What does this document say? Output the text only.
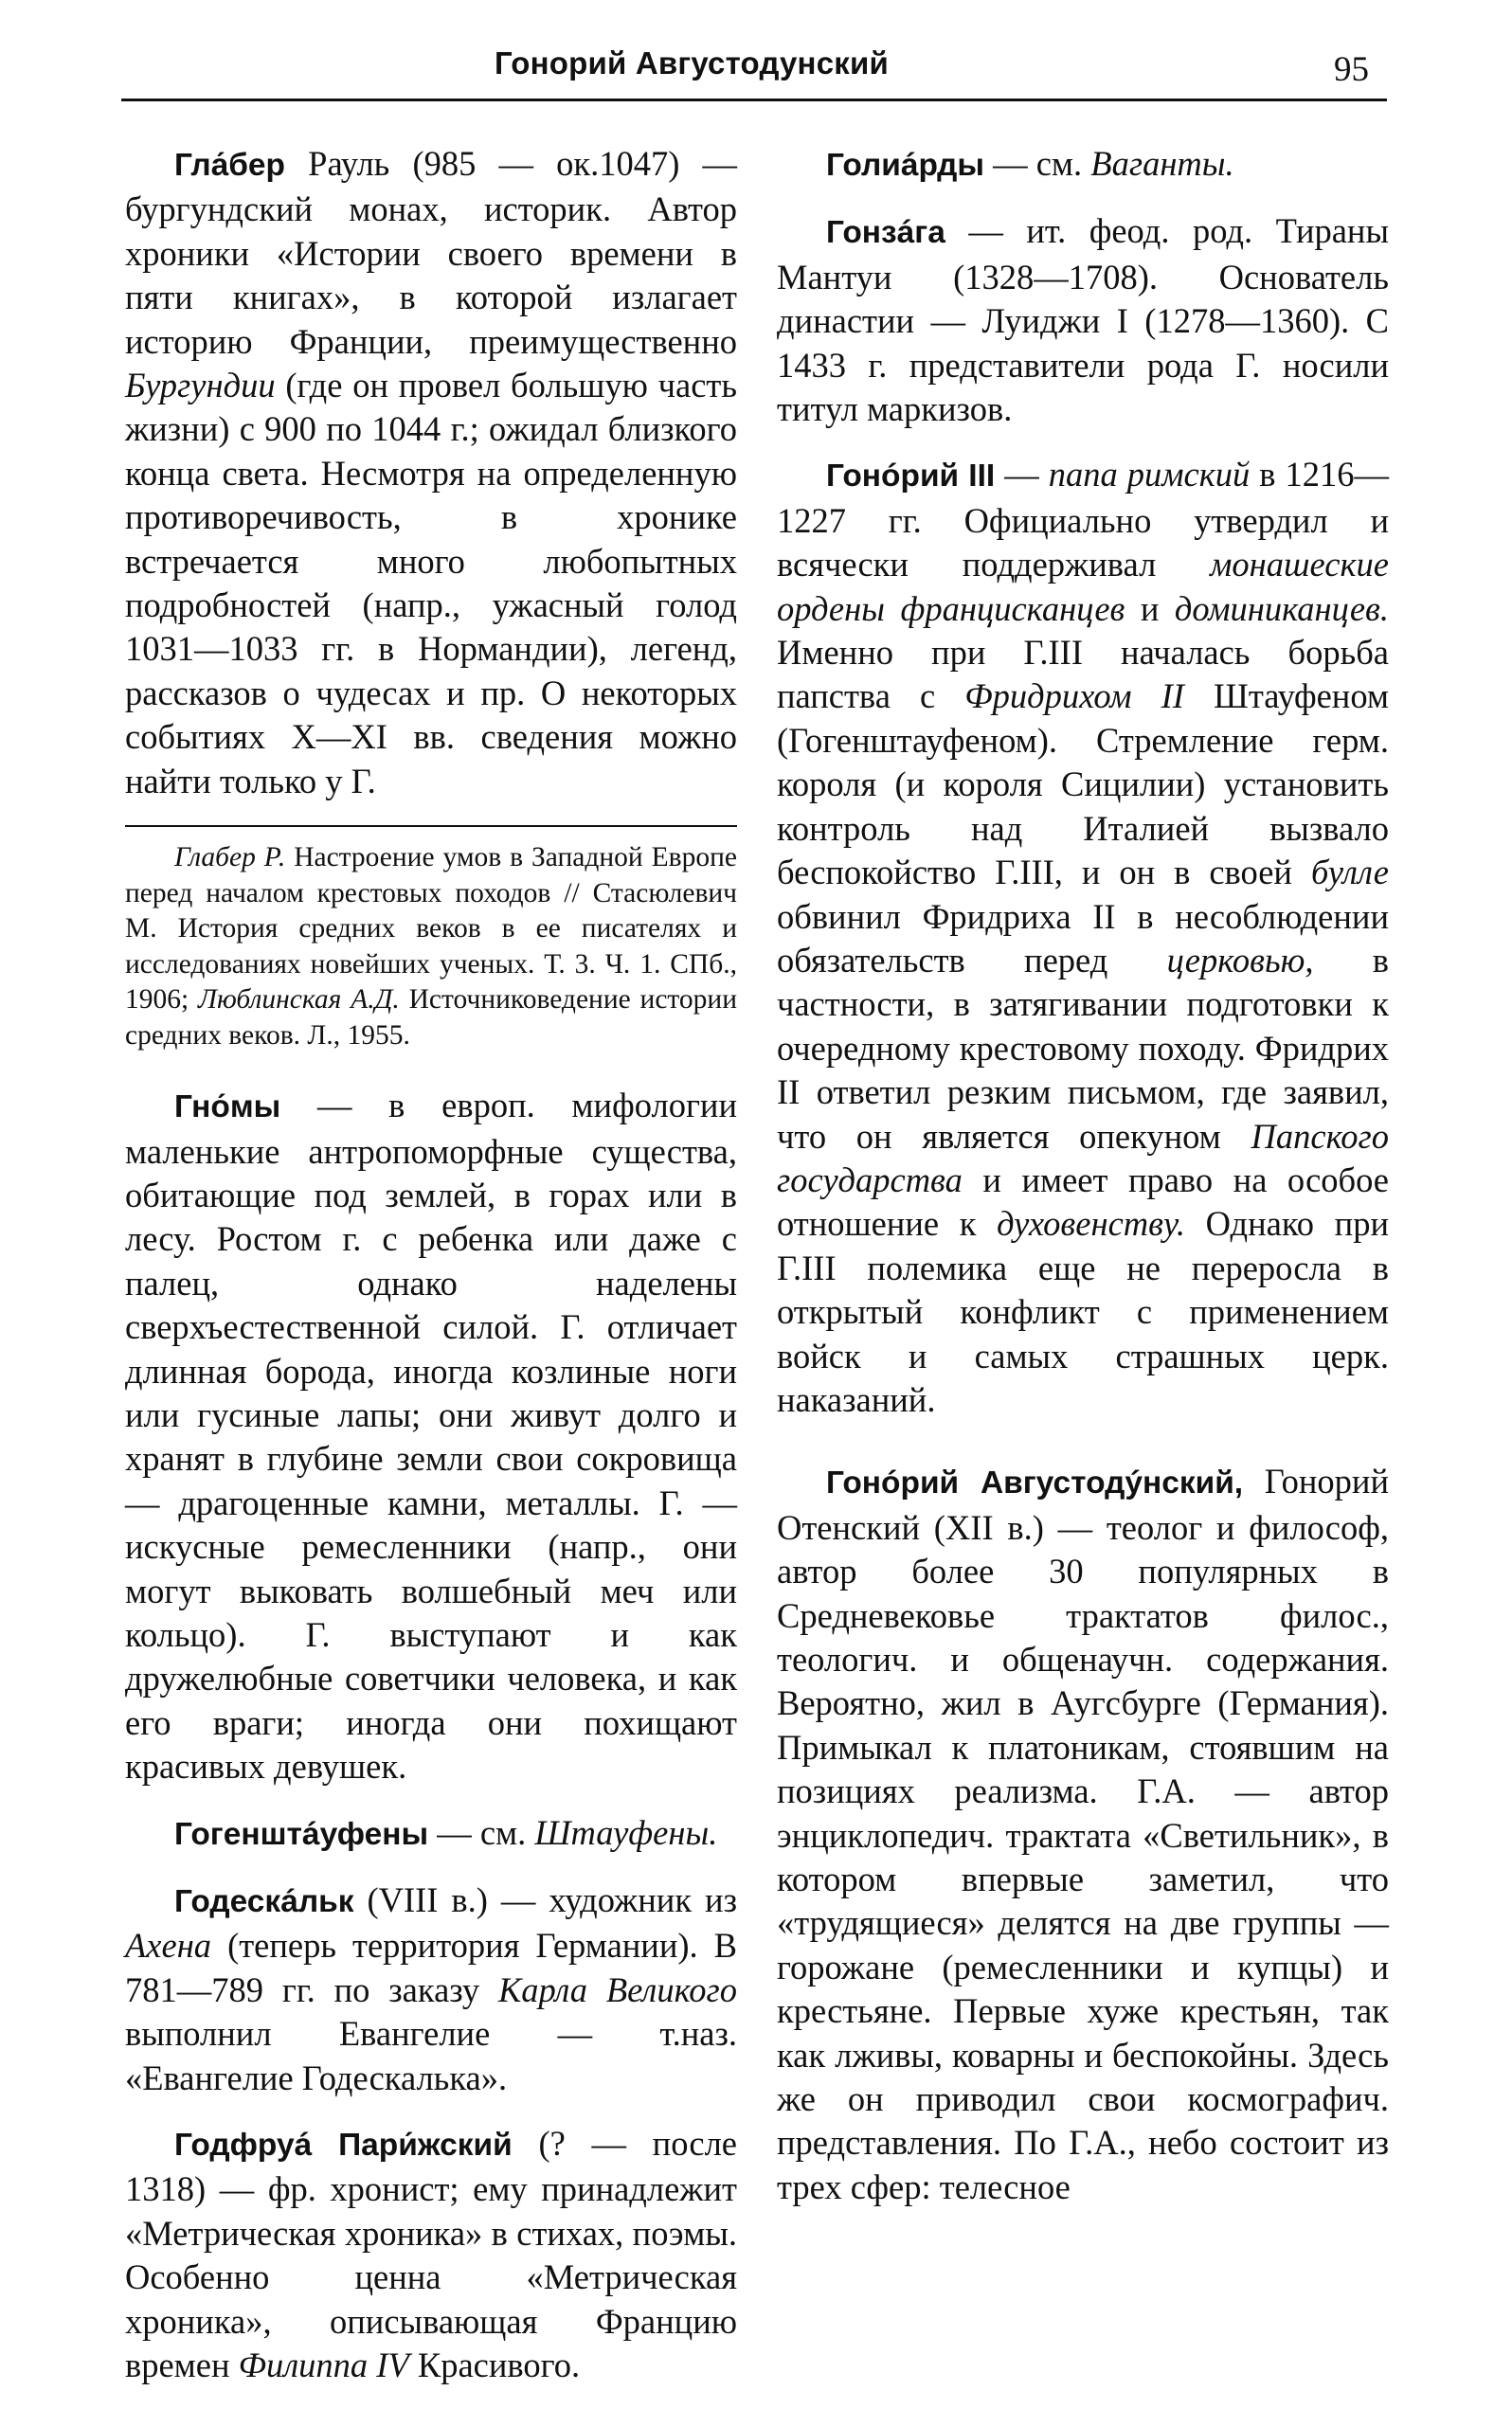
Гонорий Августодунский	95

Гла́бер Рауль (985 — ок.1047) — бургундский монах, историк. Автор хроники «Истории своего времени в пяти книгах», в которой излагает историю Франции, преимущественно Бургундии (где он провел большую часть жизни) с 900 по 1044 г.; ожидал близкого конца света. Несмотря на определенную противоречивость, в хронике встречается много любопытных подробностей (напр., ужасный голод 1031—1033 гг. в Нормандии), легенд, рассказов о чудесах и пр. О некоторых событиях X—XI вв. сведения можно найти только у Г.

Глабер Р. Настроение умов в Западной Европе перед началом крестовых походов // Стасюлевич М. История средних веков в ее писателях и исследованиях новейших ученых. Т. 3. Ч. 1. СПб., 1906; Люблинская А.Д. Источниковедение истории средних веков. Л., 1955.

Гно́мы — в европ. мифологии маленькие антропоморфные существа, обитающие под землей, в горах или в лесу. Ростом г. с ребенка или даже с палец, однако наделены сверхъестественной силой. Г. отличает длинная борода, иногда козлиные ноги или гусиные лапы; они живут долго и хранят в глубине земли свои сокровища — драгоценные камни, металлы. Г. — искусные ремесленники (напр., они могут выковать волшебный меч или кольцо). Г. выступают и как дружелюбные советчики человека, и как его враги; иногда они похищают красивых девушек.

Гогенштáуфены — см. Штауфены.

Годескáльк (VIII в.) — художник из Ахена (теперь территория Германии). В 781—789 гг. по заказу Карла Великого выполнил Евангелие — т.наз. «Евангелие Годескалька».

Годфруá Пари́жский (? — после 1318) — фр. хронист; ему принадлежит «Метрическая хроника» в стихах, поэмы. Особенно ценна «Метрическая хроника», описывающая Францию времен Филиппа IV Красивого.

Голиáрды — см. Ваганты.

Гонзáга — ит. феод. род. Тираны Мантуи (1328—1708). Основатель династии — Луиджи I (1278—1360). С 1433 г. представители рода Г. носили титул маркизов.

Гонóрий III — папа римский в 1216—1227 гг. Официально утвердил и всячески поддерживал монашеские ордены францисканцев и доминиканцев. Именно при Г.III началась борьба папства с Фридрихом II Штауфеном (Гогенштауфеном). Стремление герм. короля (и короля Сицилии) установить контроль над Италией вызвало беспокойство Г.III, и он в своей булле обвинил Фридриха II в несоблюдении обязательств перед церковью, в частности, в затягивании подготовки к очередному крестовому походу. Фридрих II ответил резким письмом, где заявил, что он является опекуном Папского государства и имеет право на особое отношение к духовенству. Однако при Г.III полемика еще не переросла в открытый конфликт с применением войск и самых страшных церк. наказаний.

Гонóрий Августодýнский, Гонорий Отенский (XII в.) — теолог и философ, автор более 30 популярных в Средневековье трактатов филос., теологич. и общенаучн. содержания. Вероятно, жил в Аугсбурге (Германия). Примыкал к платоникам, стоявшим на позициях реализма. Г.А. — автор энциклопедич. трактата «Светильник», в котором впервые заметил, что «трудящиеся» делятся на две группы — горожане (ремесленники и купцы) и крестьяне. Первые хуже крестьян, так как лживы, коварны и беспокойны. Здесь же он приводил свои космографич. представления. По Г.А., небо состоит из трех сфер: телесное
